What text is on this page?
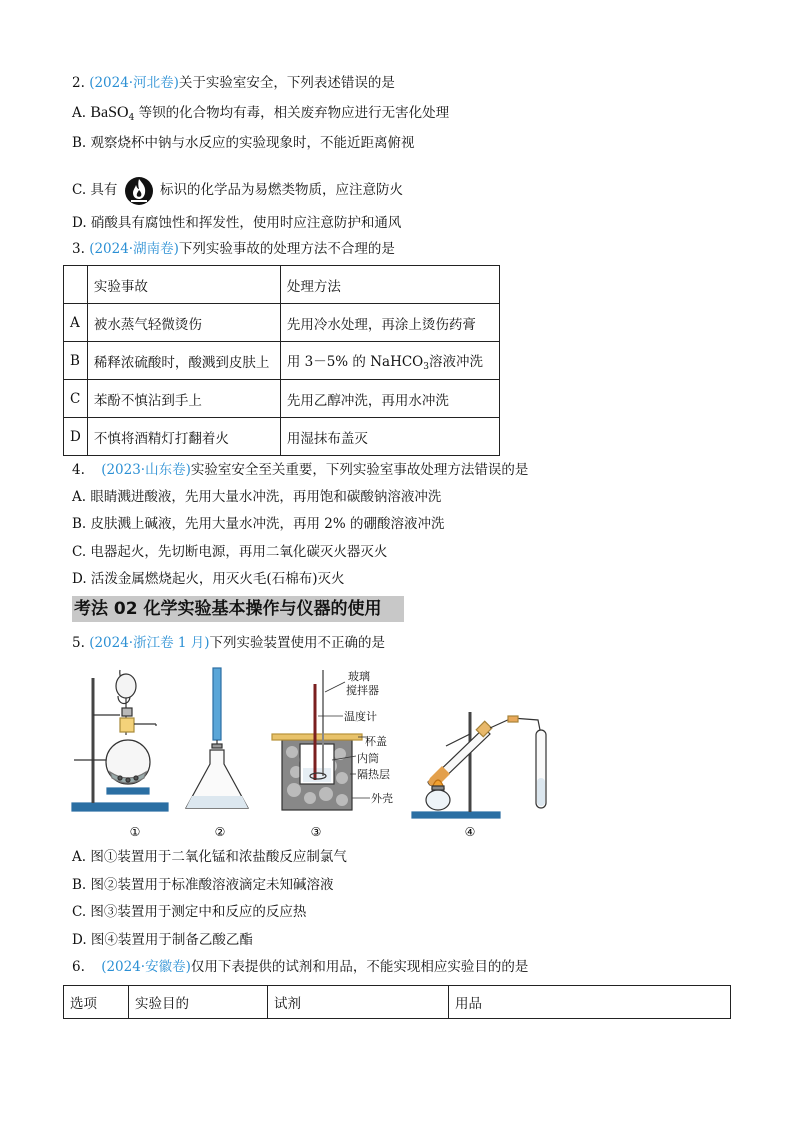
2. (2024·河北卷)关于实验室安全，下列表述错误的是
A. BaSO$_4$ 等钡的化合物均有毒，相关废弃物应进行无害化处理
B. 观察烧杯中钠与水反应的实验现象时，不能近距离俯视
C. 具有	标识的化学品为易燃类物质，应注意防火
D. 硝酸具有腐蚀性和挥发性，使用时应注意防护和通风
3. (2024·湖南卷)下列实验事故的处理方法不合理的是
	实验事故	处理方法
A	被水蒸气轻微烫伤	先用冷水处理，再涂上烫伤药膏
B	稀释浓硫酸时，酸溅到皮肤上	用 3－5% 的 NaHCO$_3$溶液冲洗
C	苯酚不慎沾到手上	先用乙醇冲洗，再用水冲洗
D	不慎将酒精灯打翻着火	用湿抹布盖灭
4. (2023·山东卷)实验室安全至关重要，下列实验室事故处理方法错误的是
A. 眼睛溅进酸液，先用大量水冲洗，再用饱和碳酸钠溶液冲洗
B. 皮肤溅上碱液，先用大量水冲洗，再用 2% 的硼酸溶液冲洗
C. 电器起火，先切断电源，再用二氧化碳灭火器灭火
D. 活泼金属燃烧起火，用灭火毛(石棉布)灭火
考法 02 化学实验基本操作与仪器的使用
5. (2024·浙江卷 1 月)下列实验装置使用不正确的是
①	②
玻璃
搅拌器
温度计
杯盖
内筒
隔热层
外壳
③	④
A. 图①装置用于二氧化锰和浓盐酸反应制氯气
B. 图②装置用于标准酸溶液滴定未知碱溶液
C. 图③装置用于测定中和反应的反应热
D. 图④装置用于制备乙酸乙酯
6. (2024·安徽卷)仅用下表提供的试剂和用品，不能实现相应实验目的的是
选项	实验目的	试剂	用品
